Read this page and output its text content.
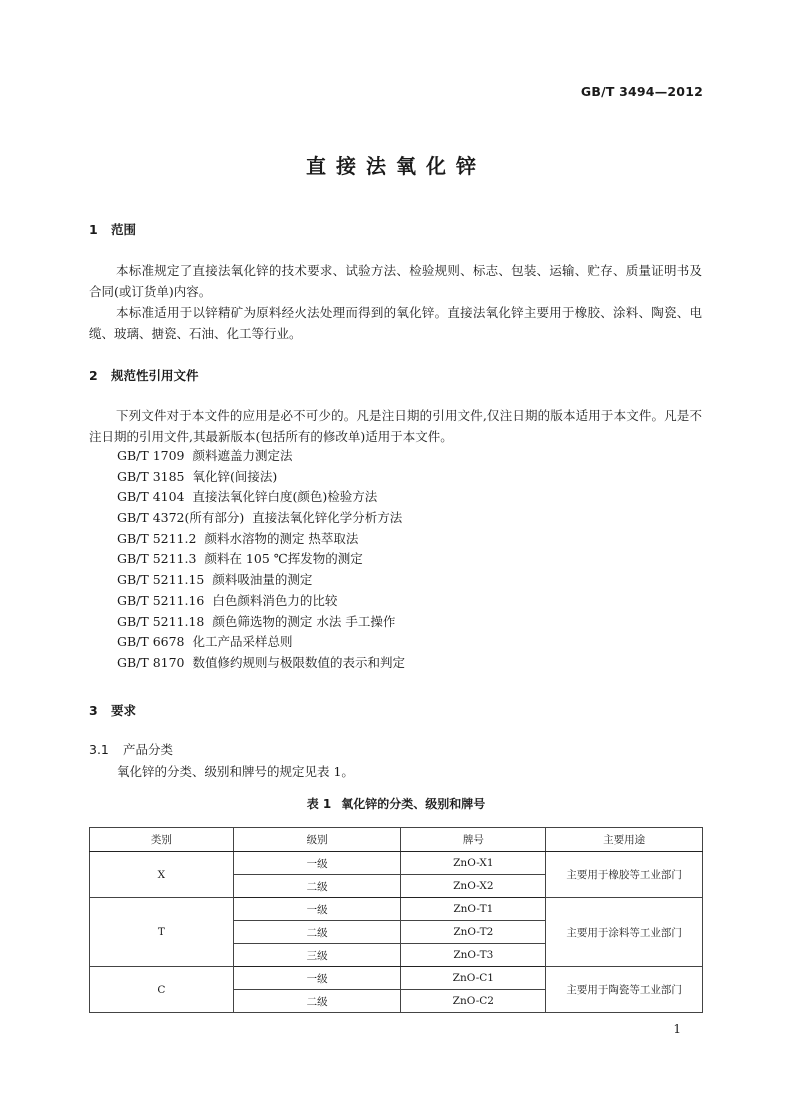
GB/T 3494—2012
直接法氧化锌
1 范围
本标准规定了直接法氧化锌的技术要求、试验方法、检验规则、标志、包装、运输、贮存、质量证明书及合同(或订货单)内容。
本标准适用于以锌精矿为原料经火法处理而得到的氧化锌。直接法氧化锌主要用于橡胶、涂料、陶瓷、电缆、玻璃、搪瓷、石油、化工等行业。
2 规范性引用文件
下列文件对于本文件的应用是必不可少的。凡是注日期的引用文件,仅注日期的版本适用于本文件。凡是不注日期的引用文件,其最新版本(包括所有的修改单)适用于本文件。
GB/T 1709 颜料遮盖力测定法
GB/T 3185 氧化锌(间接法)
GB/T 4104 直接法氧化锌白度(颜色)检验方法
GB/T 4372(所有部分) 直接法氧化锌化学分析方法
GB/T 5211.2 颜料水溶物的测定 热萃取法
GB/T 5211.3 颜料在 105 ℃挥发物的测定
GB/T 5211.15 颜料吸油量的测定
GB/T 5211.16 白色颜料消色力的比较
GB/T 5211.18 颜色筛选物的测定 水法 手工操作
GB/T 6678 化工产品采样总则
GB/T 8170 数值修约规则与极限数值的表示和判定
3 要求
3.1 产品分类
氧化锌的分类、级别和牌号的规定见表 1。
表 1 氧化锌的分类、级别和牌号
类别	级别	牌号	主要用途
X	一级	ZnO-X1	主要用于橡胶等工业部门
	二级	ZnO-X2	
T	一级	ZnO-T1	主要用于涂料等工业部门
	二级	ZnO-T2	
	三级	ZnO-T3	
C	一级	ZnO-C1	主要用于陶瓷等工业部门
	二级	ZnO-C2	
1
